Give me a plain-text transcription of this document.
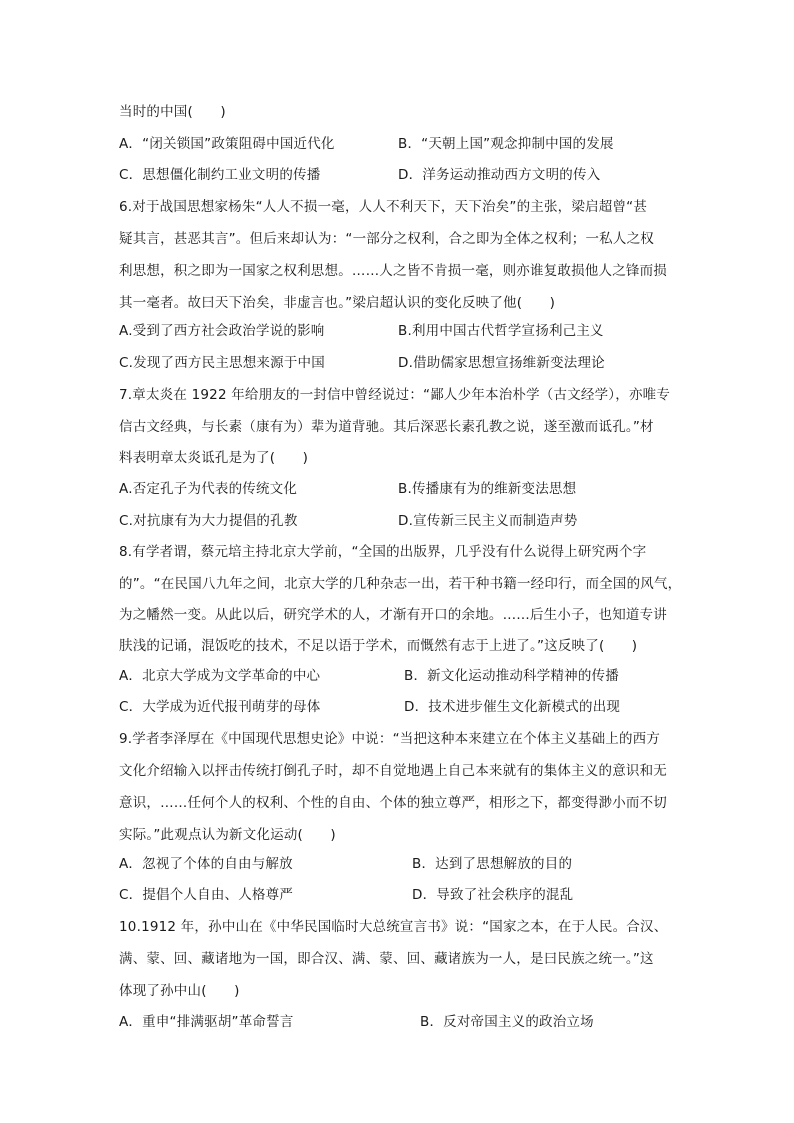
当时的中国(　　)
A．“闭关锁国”政策阻碍中国近代化	B．“天朝上国”观念抑制中国的发展
C．思想僵化制约工业文明的传播	D．洋务运动推动西方文明的传入
6.对于战国思想家杨朱“人人不损一毫，人人不利天下，天下治矣”的主张，梁启超曾“甚
疑其言，甚恶其言”。但后来却认为：“一部分之权利，合之即为全体之权利；一私人之权
利思想，积之即为一国家之权利思想。……人之皆不肯损一毫，则亦谁复敢损他人之锋而损
其一毫者。故曰天下治矣，非虚言也。”梁启超认识的变化反映了他(　　)
A.受到了西方社会政治学说的影响	B.利用中国古代哲学宣扬利己主义
C.发现了西方民主思想来源于中国	D.借助儒家思想宣扬维新变法理论
7.章太炎在 1922 年给朋友的一封信中曾经说过：“鄙人少年本治朴学（古文经学），亦唯专
信古文经典，与长素（康有为）辈为道背驰。其后深恶长素孔教之说，遂至激而诋孔。”材
料表明章太炎诋孔是为了(　　)
A.否定孔子为代表的传统文化	B.传播康有为的维新变法思想
C.对抗康有为大力提倡的孔教	D.宣传新三民主义而制造声势
8.有学者谓，蔡元培主持北京大学前，“全国的出版界，几乎没有什么说得上研究两个字
的”。“在民国八九年之间，北京大学的几种杂志一出，若干种书籍一经印行，而全国的风气，
为之幡然一变。从此以后，研究学术的人，才渐有开口的余地。……后生小子，也知道专讲
肤浅的记诵，混饭吃的技术，不足以语于学术，而慨然有志于上进了。”这反映了(　　)
A．北京大学成为文学革命的中心	B．新文化运动推动科学精神的传播
C．大学成为近代报刊萌芽的母体	D．技术进步催生文化新模式的出现
9.学者李泽厚在《中国现代思想史论》中说：“当把这种本来建立在个体主义基础上的西方
文化介绍输入以抨击传统打倒孔子时，却不自觉地遇上自己本来就有的集体主义的意识和无
意识，……任何个人的权利、个性的自由、个体的独立尊严，相形之下，都变得渺小而不切
实际。”此观点认为新文化运动(　　)
A．忽视了个体的自由与解放	B．达到了思想解放的目的
C．提倡个人自由、人格尊严	D．导致了社会秩序的混乱
10.1912 年，孙中山在《中华民国临时大总统宣言书》说：“国家之本，在于人民。合汉、
满、蒙、回、藏诸地为一国，即合汉、满、蒙、回、藏诸族为一人，是曰民族之统一。”这
体现了孙中山(　　)
A．重申“排满驱胡”革命誓言	B．反对帝国主义的政治立场
